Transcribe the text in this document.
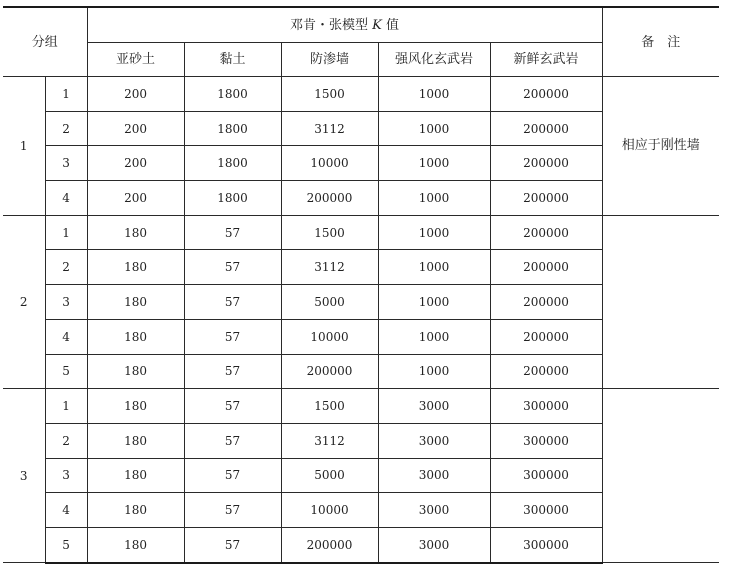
分组		邓肯・张模型 K 值					备　注
		亚砂土	黏土	防渗墙	强风化玄武岩	新鲜玄武岩	
1	1	200	1800	1500	1000	200000	相应于刚性墙
	2	200	1800	3112	1000	200000	
	3	200	1800	10000	1000	200000	
	4	200	1800	200000	1000	200000	
2	1	180	57	1500	1000	200000	
	2	180	57	3112	1000	200000	
	3	180	57	5000	1000	200000	
	4	180	57	10000	1000	200000	
	5	180	57	200000	1000	200000	
3	1	180	57	1500	3000	300000	
	2	180	57	3112	3000	300000	
	3	180	57	5000	3000	300000	
	4	180	57	10000	3000	300000	
	5	180	57	200000	3000	300000	
